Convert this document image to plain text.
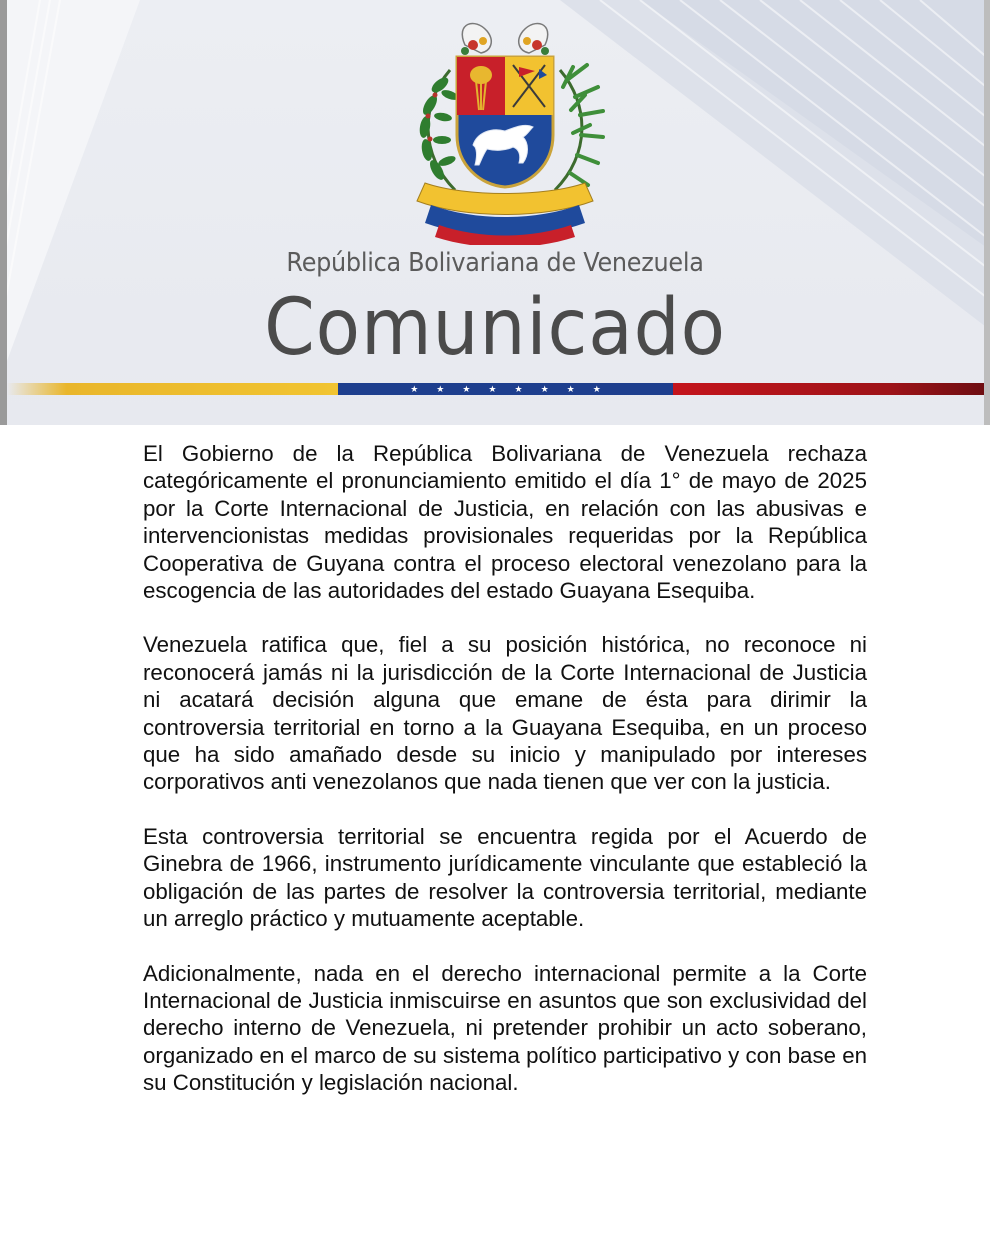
República Bolivariana de Venezuela
Comunicado
★ ★ ★ ★ ★ ★ ★ ★

El Gobierno de la República Bolivariana de Venezuela rechaza categóricamente el pronunciamiento emitido el día 1° de mayo de 2025 por la Corte Internacional de Justicia, en relación con las abusivas e intervencionistas medidas provisionales requeridas por la República Cooperativa de Guyana contra el proceso electoral venezolano para la escogencia de las autoridades del estado Guayana Esequiba.

Venezuela ratifica que, fiel a su posición histórica, no reconoce ni reconocerá jamás ni la jurisdicción de la Corte Internacional de Justicia ni acatará decisión alguna que emane de ésta para dirimir la controversia territorial en torno a la Guayana Esequiba, en un proceso que ha sido amañado desde su inicio y manipulado por intereses corporativos anti venezolanos que nada tienen que ver con la justicia.

Esta controversia territorial se encuentra regida por el Acuerdo de Ginebra de 1966, instrumento jurídicamente vinculante que estableció la obligación de las partes de resolver la controversia territorial, mediante un arreglo práctico y mutuamente aceptable.

Adicionalmente, nada en el derecho internacional permite a la Corte Internacional de Justicia inmiscuirse en asuntos que son exclusividad del derecho interno de Venezuela, ni pretender prohibir un acto soberano, organizado en el marco de su sistema político participativo y con base en su Constitución y legislación nacional.
